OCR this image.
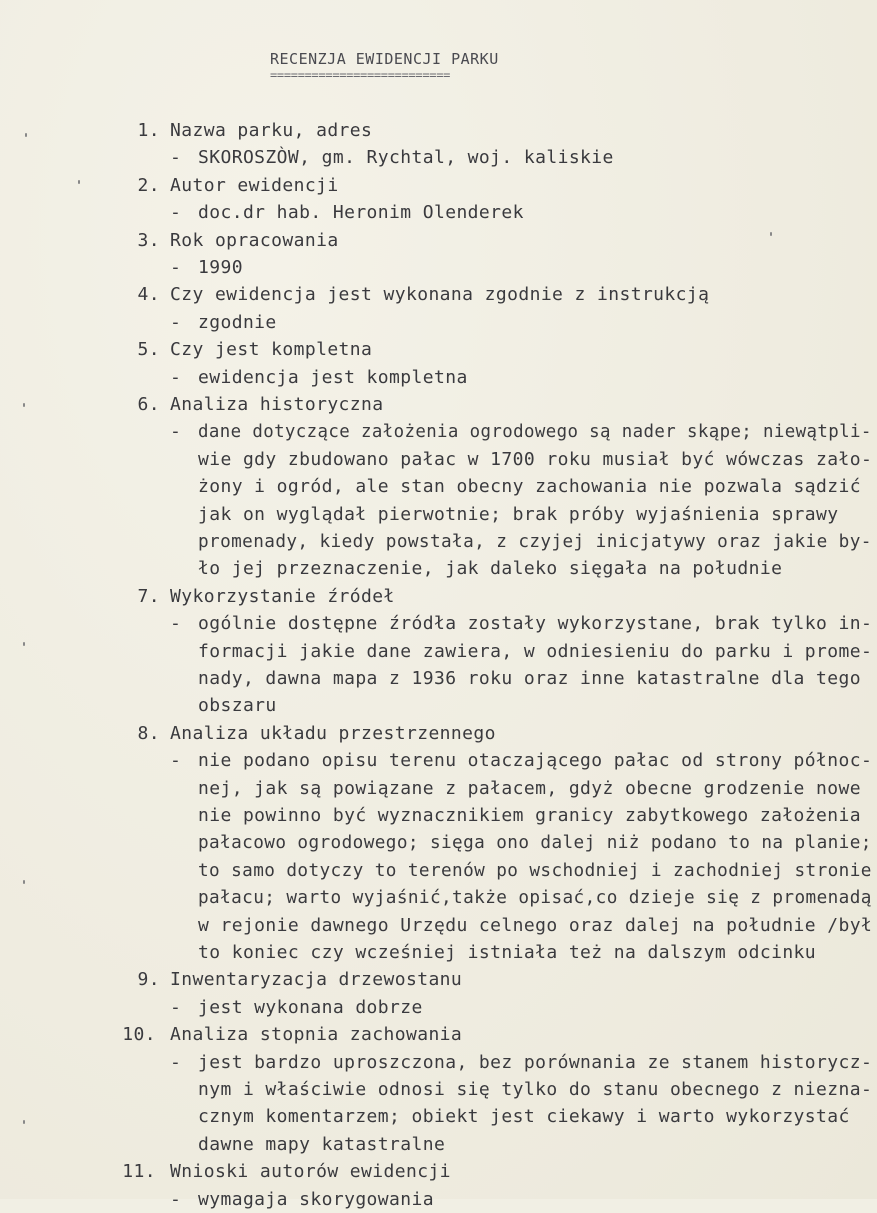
RECENZJA EWIDENCJI PARKU
==========================
1. Nazwa parku, adres
- SKOROSZÒW, gm. Rychtal, woj. kaliskie
2. Autor ewidencji
- doc.dr hab. Heronim Olenderek
3. Rok opracowania
- 1990
4. Czy ewidencja jest wykonana zgodnie z instrukcją
- zgodnie
5. Czy jest kompletna
- ewidencja jest kompletna
6. Analiza historyczna
- dane dotyczące założenia ogrodowego są nader skąpe; niewątpli-
wie gdy zbudowano pałac w 1700 roku musiał być wówczas zało-
żony i ogród, ale stan obecny zachowania nie pozwala sądzić
jak on wyglądał pierwotnie; brak próby wyjaśnienia sprawy
promenady, kiedy powstała, z czyjej inicjatywy oraz jakie by-
ło jej przeznaczenie, jak daleko sięgała na południe
7. Wykorzystanie źródeł
- ogólnie dostępne źródła zostały wykorzystane, brak tylko in-
formacji jakie dane zawiera, w odniesieniu do parku i prome-
nady, dawna mapa z 1936 roku oraz inne katastralne dla tego
obszaru
8. Analiza układu przestrzennego
- nie podano opisu terenu otaczającego pałac od strony północ-
nej, jak są powiązane z pałacem, gdyż obecne grodzenie nowe
nie powinno być wyznacznikiem granicy zabytkowego założenia
pałacowo ogrodowego; sięga ono dalej niż podano to na planie;
to samo dotyczy to terenów po wschodniej i zachodniej stronie
pałacu; warto wyjaśnić,także opisać,co dzieje się z promenadą
w rejonie dawnego Urzędu celnego oraz dalej na południe /był
to koniec czy wcześniej istniała też na dalszym odcinku
9. Inwentaryzacja drzewostanu
- jest wykonana dobrze
10. Analiza stopnia zachowania
- jest bardzo uproszczona, bez porównania ze stanem historycz-
nym i właściwie odnosi się tylko do stanu obecnego z niezna-
cznym komentarzem; obiekt jest ciekawy i warto wykorzystać
dawne mapy katastralne
11. Wnioski autorów ewidencji
- wymagaja skorygowania
